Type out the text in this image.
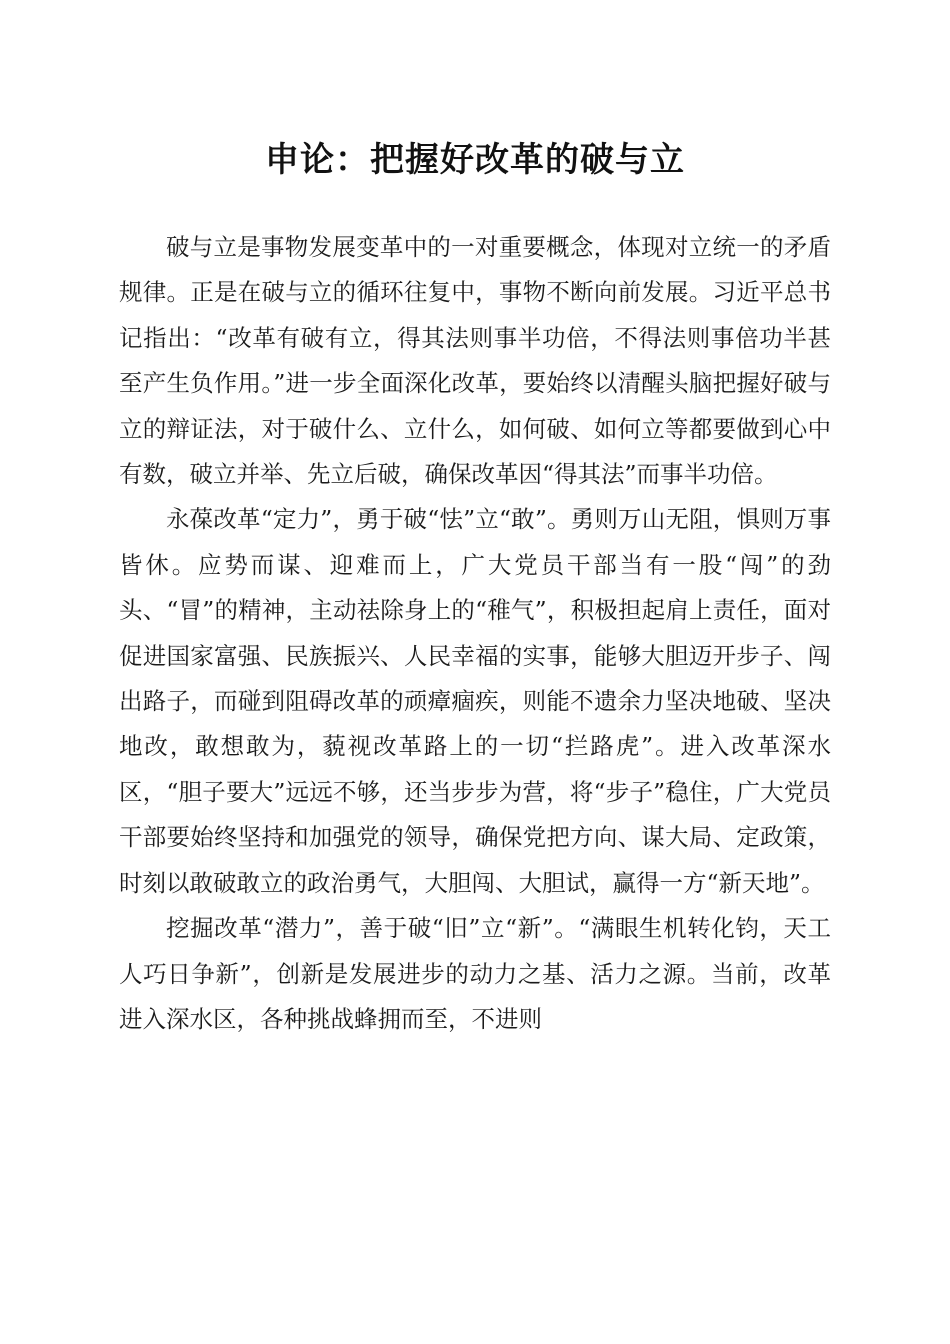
申论：把握好改革的破与立

破与立是事物发展变革中的一对重要概念，体现对立统一的矛盾规律。正是在破与立的循环往复中，事物不断向前发展。习近平总书记指出：“改革有破有立，得其法则事半功倍，不得法则事倍功半甚至产生负作用。”进一步全面深化改革，要始终以清醒头脑把握好破与立的辩证法，对于破什么、立什么，如何破、如何立等都要做到心中有数，破立并举、先立后破，确保改革因“得其法”而事半功倍。

永葆改革“定力”，勇于破“怯”立“敢”。勇则万山无阻，惧则万事皆休。应势而谋、迎难而上，广大党员干部当有一股“闯”的劲头、“冒”的精神，主动祛除身上的“稚气”，积极担起肩上责任，面对促进国家富强、民族振兴、人民幸福的实事，能够大胆迈开步子、闯出路子，而碰到阻碍改革的顽瘴痼疾，则能不遗余力坚决地破、坚决地改，敢想敢为，藐视改革路上的一切“拦路虎”。进入改革深水区，“胆子要大”远远不够，还当步步为营，将“步子”稳住，广大党员干部要始终坚持和加强党的领导，确保党把方向、谋大局、定政策，时刻以敢破敢立的政治勇气，大胆闯、大胆试，赢得一方“新天地”。

挖掘改革“潜力”，善于破“旧”立“新”。“满眼生机转化钧，天工人巧日争新”，创新是发展进步的动力之基、活力之源。当前，改革进入深水区，各种挑战蜂拥而至，不进则
